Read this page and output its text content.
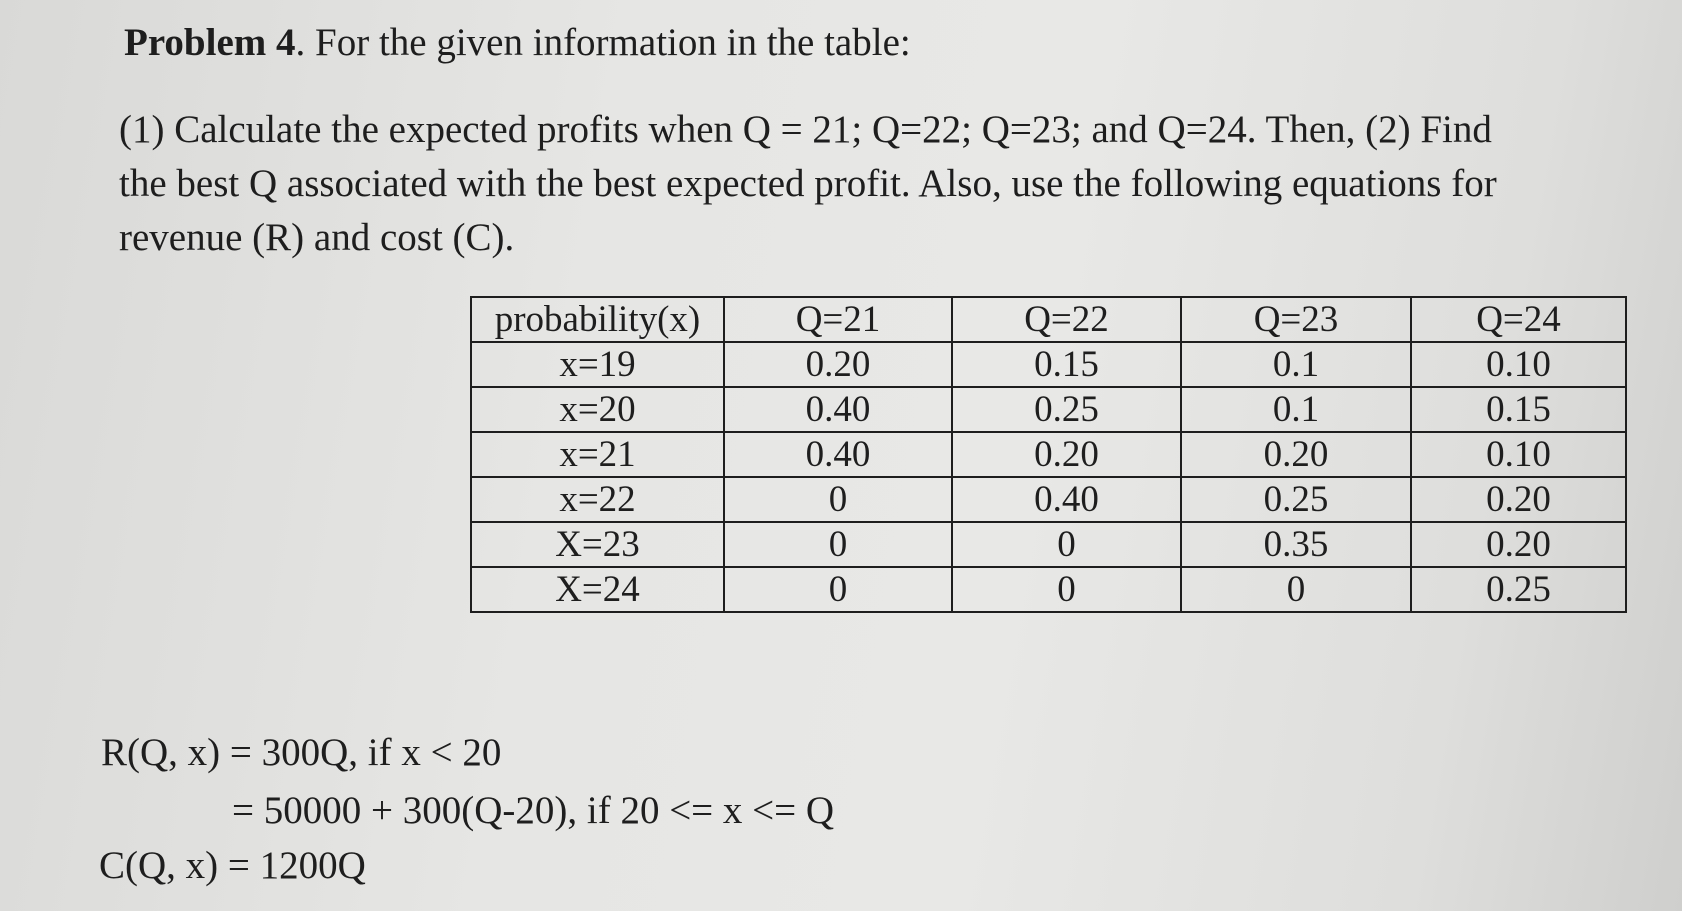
Problem 4. For the given information in the table:
(1) Calculate the expected profits when Q = 21; Q=22; Q=23; and Q=24. Then, (2) Find
the best Q associated with the best expected profit. Also, use the following equations for
revenue (R) and cost (C).
probability(x)	Q=21	Q=22	Q=23	Q=24
x=19	0.20	0.15	0.1	0.10
x=20	0.40	0.25	0.1	0.15
x=21	0.40	0.20	0.20	0.10
x=22	0	0.40	0.25	0.20
X=23	0	0	0.35	0.20
X=24	0	0	0	0.25
R(Q, x) = 300Q, if x < 20
= 50000 + 300(Q-20), if 20 <= x <= Q
C(Q, x) = 1200Q
